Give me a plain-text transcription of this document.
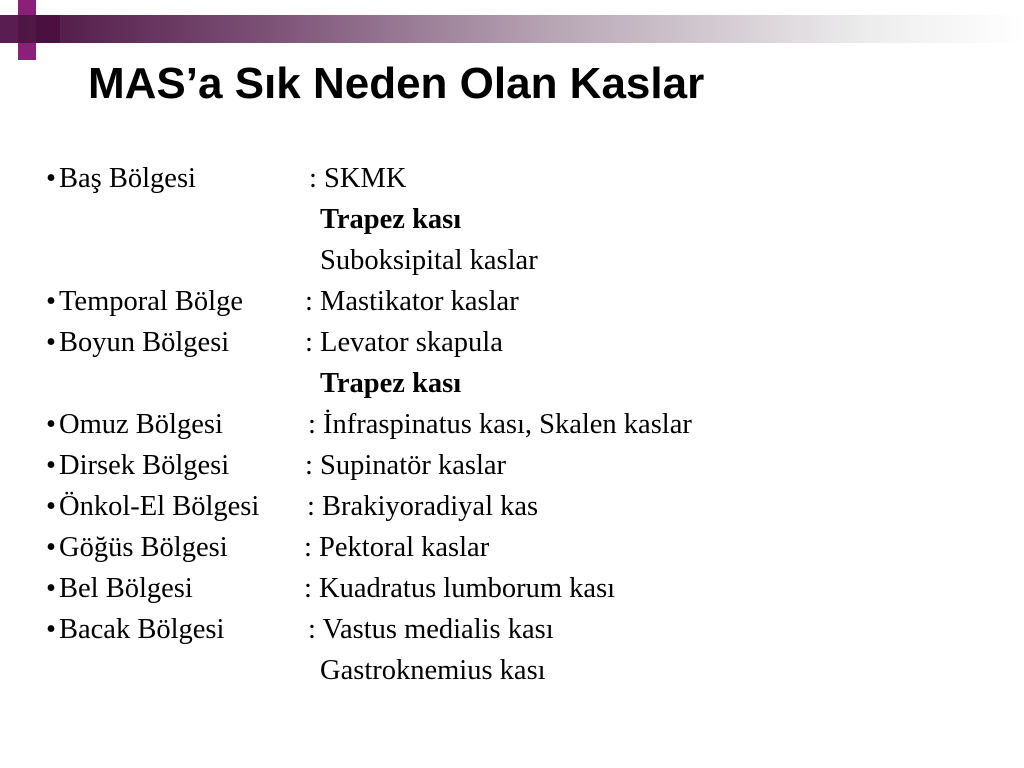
MAS’a Sık Neden Olan Kaslar
• Baş Bölgesi	: SKMK
Trapez kası
Suboksipital kaslar
• Temporal Bölge : Mastikator kaslar
• Boyun Bölgesi	: Levator skapula
Trapez kası
• Omuz Bölgesi	: İnfraspinatus kası, Skalen kaslar
• Dirsek Bölgesi	: Supinatör kaslar
• Önkol-El Bölgesi : Brakiyoradiyal kas
• Göğüs Bölgesi	: Pektoral kaslar
• Bel Bölgesi	: Kuadratus lumborum kası
• Bacak Bölgesi	: Vastus medialis kası
Gastroknemius kası
